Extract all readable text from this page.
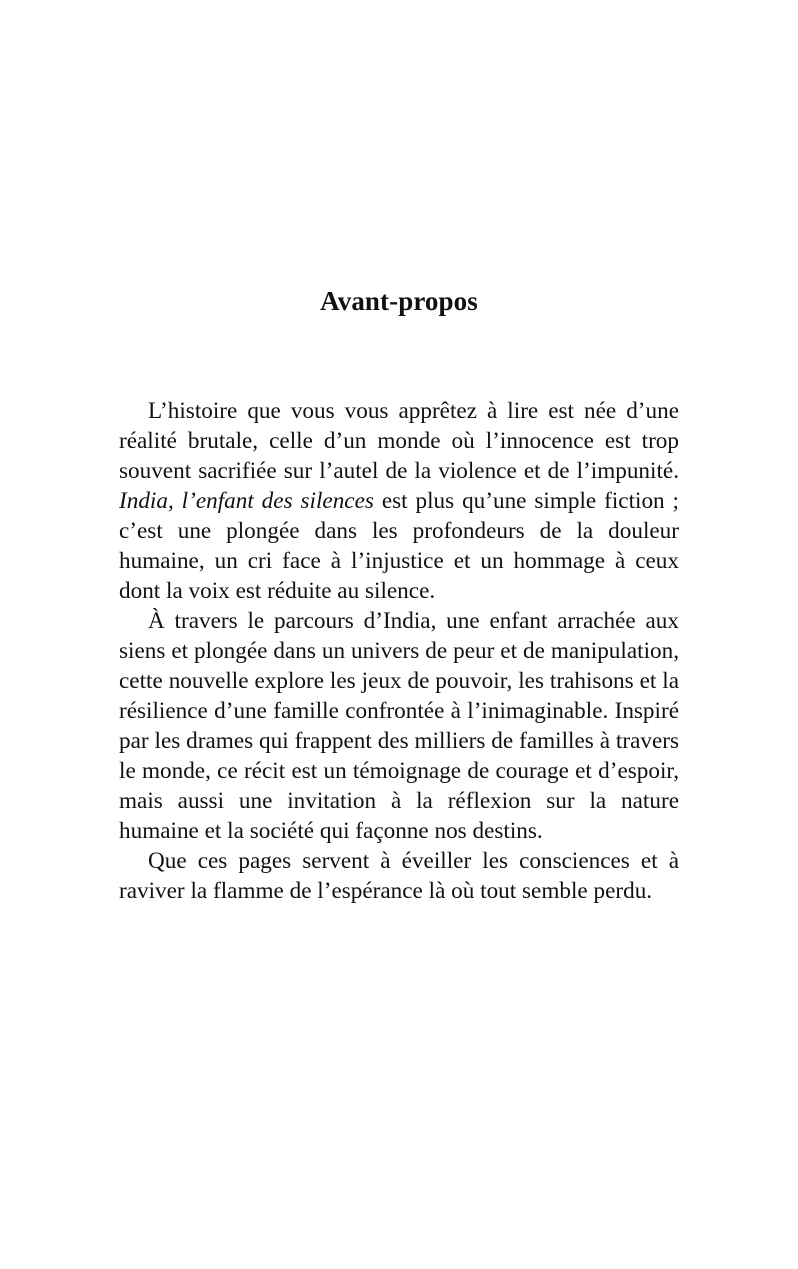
Avant-propos

L’histoire que vous vous apprêtez à lire est née d’une réalité brutale, celle d’un monde où l’innocence est trop souvent sacrifiée sur l’autel de la violence et de l’impunité. India, l’enfant des silences est plus qu’une simple fiction ; c’est une plongée dans les profondeurs de la douleur humaine, un cri face à l’injustice et un hommage à ceux dont la voix est réduite au silence.

À travers le parcours d’India, une enfant arrachée aux siens et plongée dans un univers de peur et de manipulation, cette nouvelle explore les jeux de pouvoir, les trahisons et la résilience d’une famille confrontée à l’inimaginable. Inspiré par les drames qui frappent des milliers de familles à travers le monde, ce récit est un témoignage de courage et d’espoir, mais aussi une invitation à la réflexion sur la nature humaine et la société qui façonne nos destins.

Que ces pages servent à éveiller les consciences et à raviver la flamme de l’espérance là où tout semble perdu.
